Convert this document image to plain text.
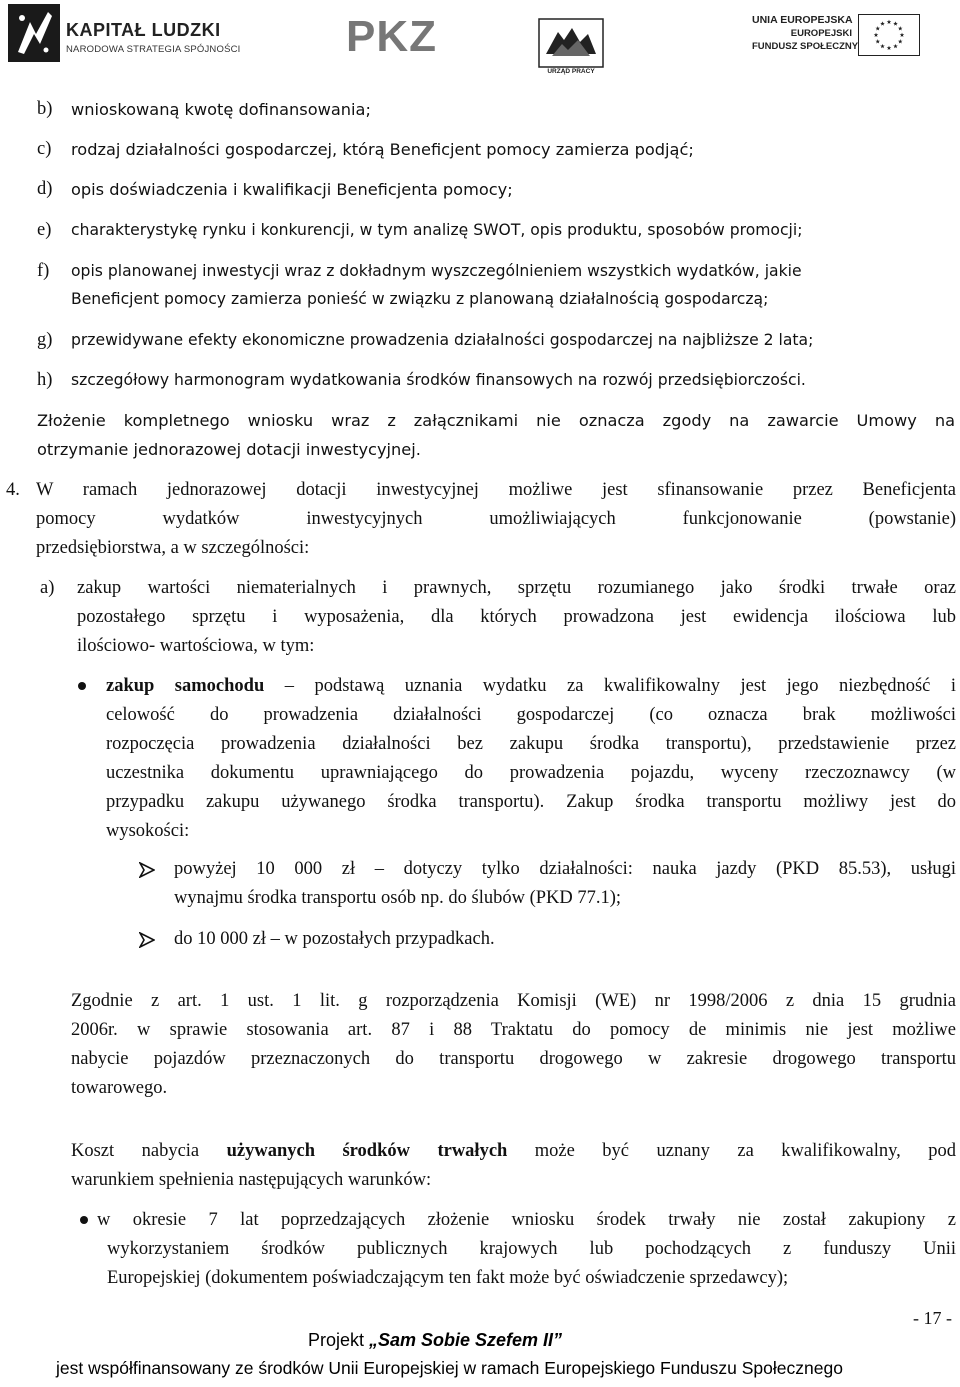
KAPITAŁ LUDZKI
NARODOWA STRATEGIA SPÓJNOŚCI PKZ
URZĄD PRACY
UNIA EUROPEJSKA
EUROPEJSKI
FUNDUSZ SPOŁECZNY
b) wnioskowaną kwotę dofinansowania;
c) rodzaj działalności gospodarczej, którą Beneficjent pomocy zamierza podjąć;
d) opis doświadczenia i kwalifikacji Beneficjenta pomocy;
e) charakterystykę rynku i konkurencji, w tym analizę SWOT, opis produktu, sposobów promocji;
f) opis planowanej inwestycji wraz z dokładnym wyszczególnieniem wszystkich wydatków, jakie
Beneficjent pomocy zamierza ponieść w związku z planowaną działalnością gospodarczą;
g) przewidywane efekty ekonomiczne prowadzenia działalności gospodarczej na najbliższe 2 lata;
h) szczegółowy harmonogram wydatkowania środków finansowych na rozwój przedsiębiorczości.
Złożenie kompletnego wniosku wraz z załącznikami nie oznacza zgody na zawarcie Umowy na
otrzymanie jednorazowej dotacji inwestycyjnej.
4. W ramach jednorazowej dotacji inwestycyjnej możliwe jest sfinansowanie przez Beneficjenta
pomocy wydatków inwestycyjnych umożliwiających funkcjonowanie (powstanie)
przedsiębiorstwa, a w szczególności:
a) zakup wartości niematerialnych i prawnych, sprzętu rozumianego jako środki trwałe oraz
pozostałego sprzętu i wyposażenia, dla których prowadzona jest ewidencja ilościowa lub
ilościowo- wartościowa, w tym:
zakup samochodu – podstawą uznania wydatku za kwalifikowalny jest jego niezbędność i
celowość do prowadzenia działalności gospodarczej (co oznacza brak możliwości
rozpoczęcia prowadzenia działalności bez zakupu środka transportu), przedstawienie przez
uczestnika dokumentu uprawniającego do prowadzenia pojazdu, wyceny rzeczoznawcy (w
przypadku zakupu używanego środka transportu). Zakup środka transportu możliwy jest do
wysokości:
powyżej 10 000 zł – dotyczy tylko działalności: nauka jazdy (PKD 85.53), usługi
wynajmu środka transportu osób np. do ślubów (PKD 77.1);
do 10 000 zł – w pozostałych przypadkach.
Zgodnie z art. 1 ust. 1 lit. g rozporządzenia Komisji (WE) nr 1998/2006 z dnia 15 grudnia
2006r. w sprawie stosowania art. 87 i 88 Traktatu do pomocy de minimis nie jest możliwe
nabycie pojazdów przeznaczonych do transportu drogowego w zakresie drogowego transportu
towarowego.
Koszt nabycia używanych środków trwałych może być uznany za kwalifikowalny, pod
warunkiem spełnienia następujących warunków:
w okresie 7 lat poprzedzających złożenie wniosku środek trwały nie został zakupiony z
wykorzystaniem środków publicznych krajowych lub pochodzących z funduszy Unii
Europejskiej (dokumentem poświadczającym ten fakt może być oświadczenie sprzedawcy);
- 17 -
Projekt „Sam Sobie Szefem II”
jest współfinansowany ze środków Unii Europejskiej w ramach Europejskiego Funduszu Społecznego
